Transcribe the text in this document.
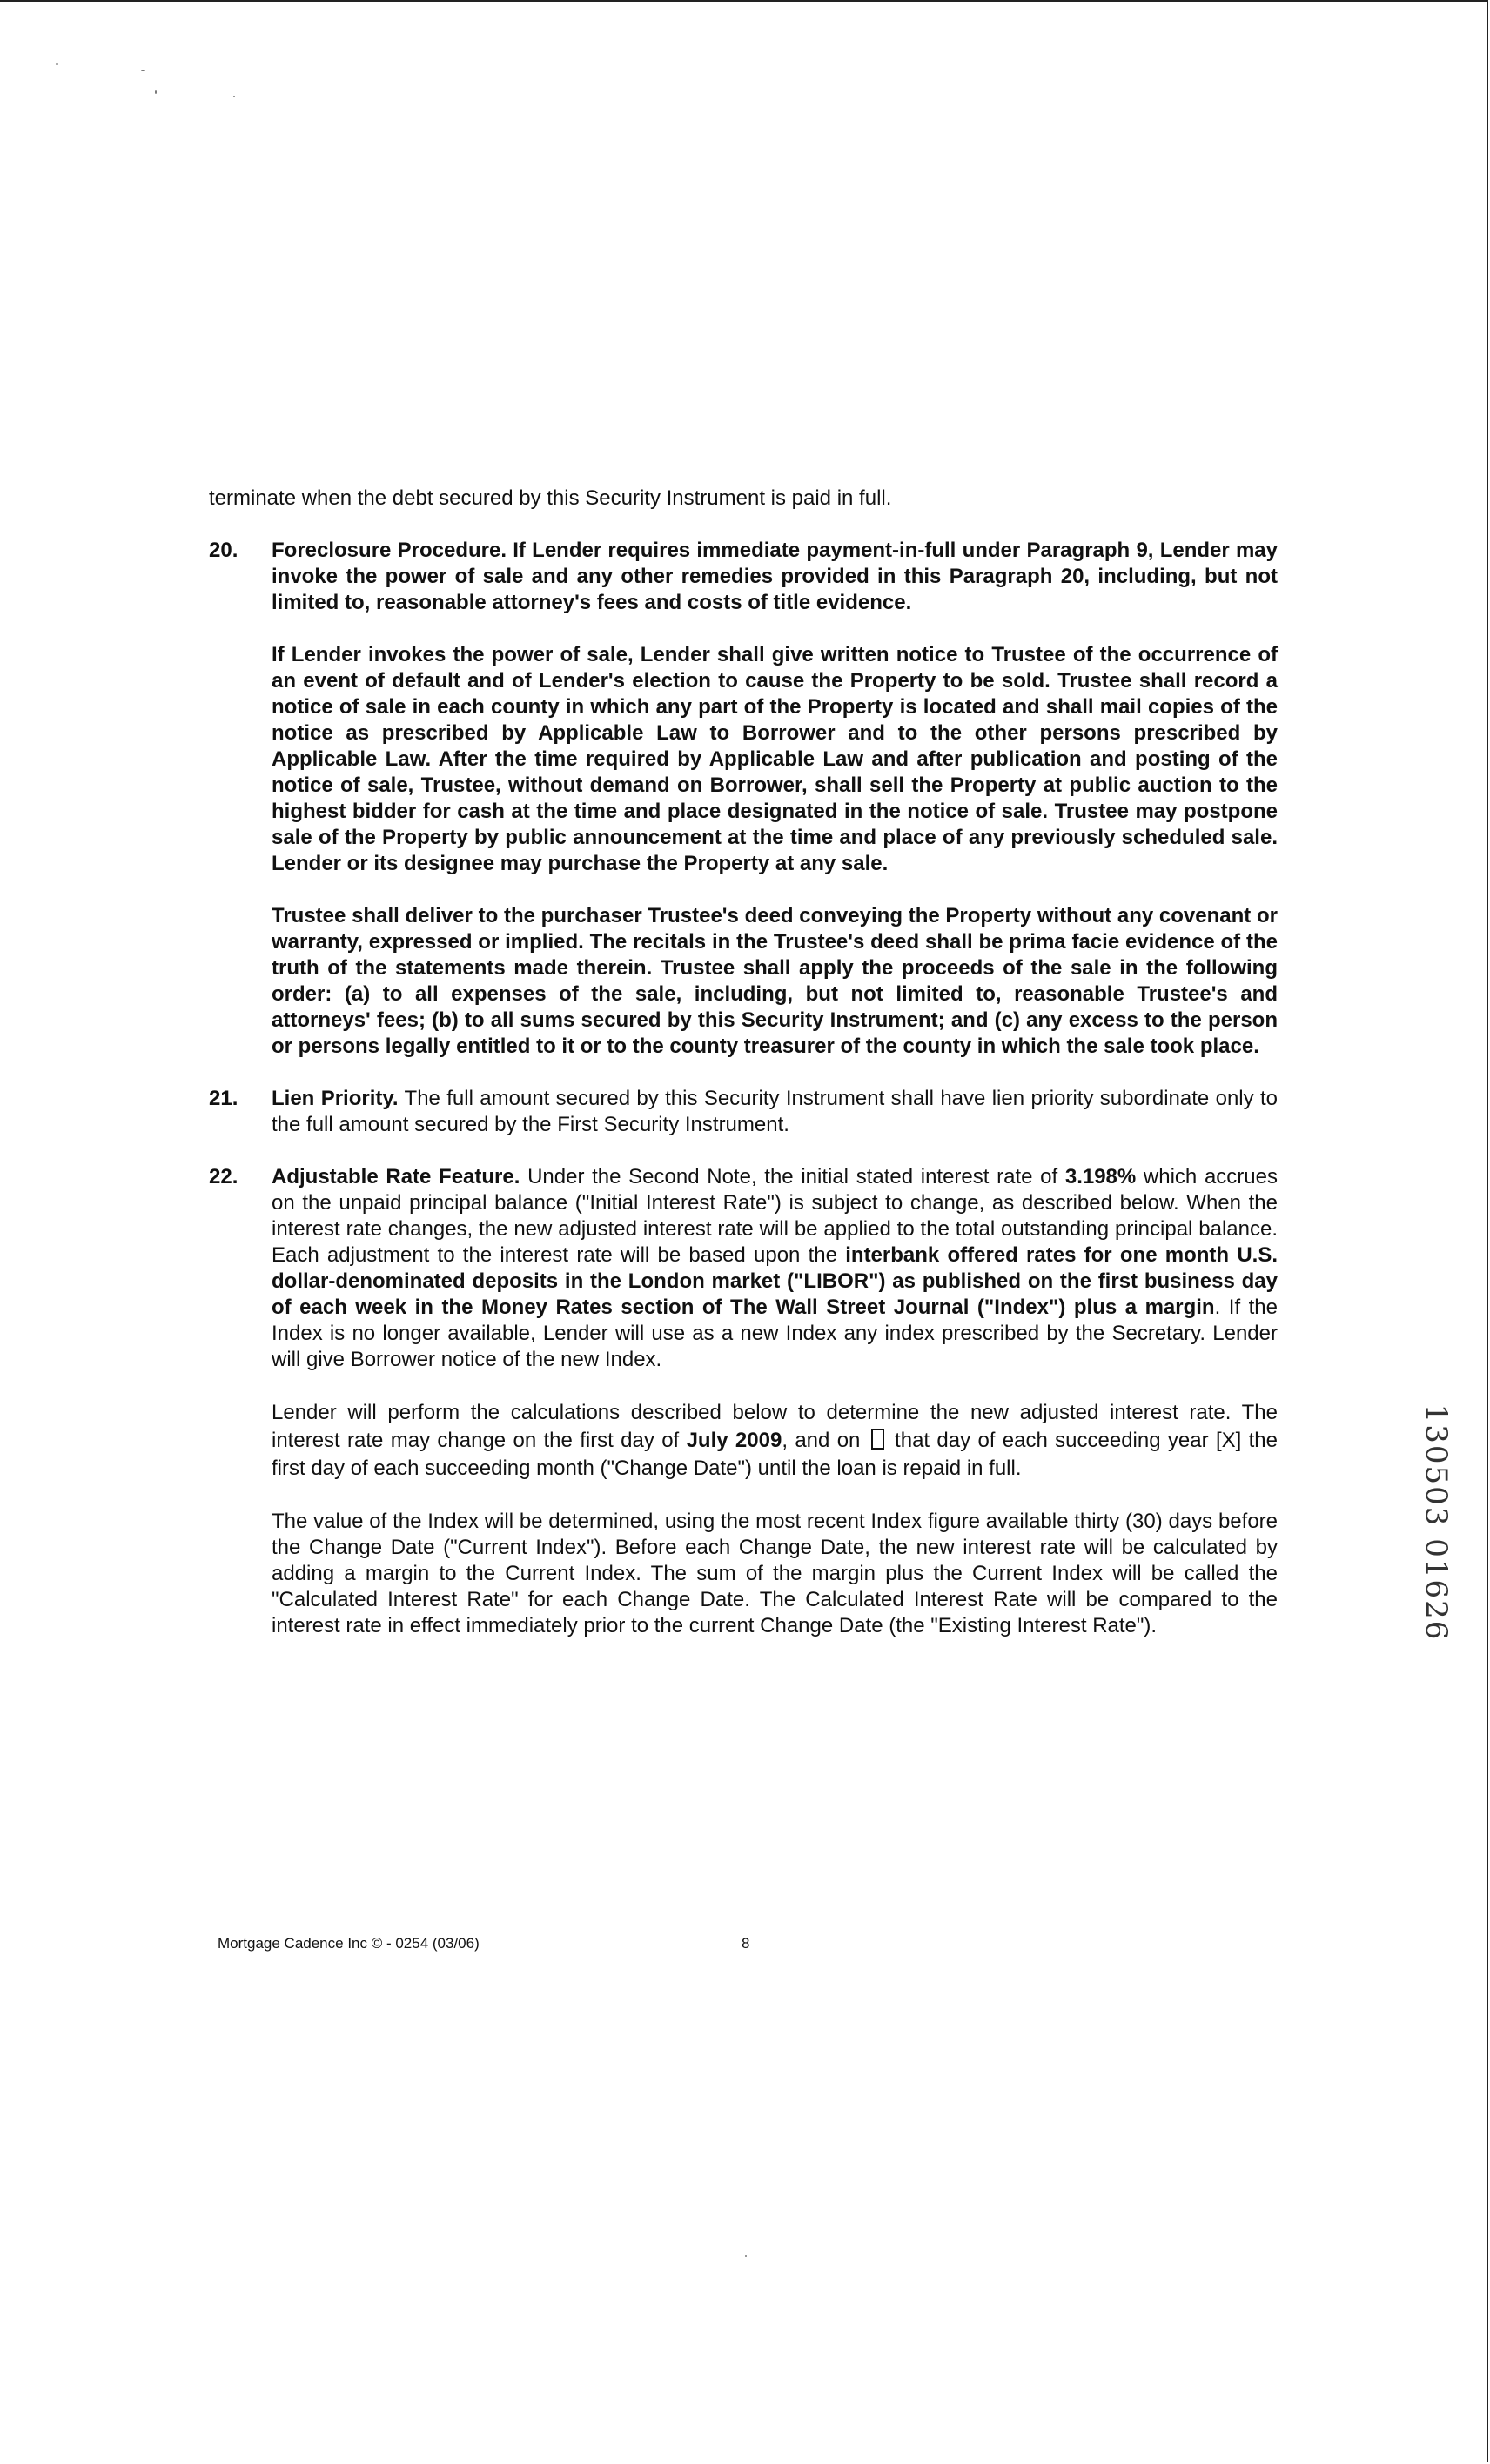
terminate when the debt secured by this Security Instrument is paid in full.

20. Foreclosure Procedure. If Lender requires immediate payment-in-full under Paragraph 9, Lender may invoke the power of sale and any other remedies provided in this Paragraph 20, including, but not limited to, reasonable attorney's fees and costs of title evidence.

If Lender invokes the power of sale, Lender shall give written notice to Trustee of the occurrence of an event of default and of Lender's election to cause the Property to be sold. Trustee shall record a notice of sale in each county in which any part of the Property is located and shall mail copies of the notice as prescribed by Applicable Law to Borrower and to the other persons prescribed by Applicable Law. After the time required by Applicable Law and after publication and posting of the notice of sale, Trustee, without demand on Borrower, shall sell the Property at public auction to the highest bidder for cash at the time and place designated in the notice of sale. Trustee may postpone sale of the Property by public announcement at the time and place of any previously scheduled sale. Lender or its designee may purchase the Property at any sale.

Trustee shall deliver to the purchaser Trustee's deed conveying the Property without any covenant or warranty, expressed or implied. The recitals in the Trustee's deed shall be prima facie evidence of the truth of the statements made therein. Trustee shall apply the proceeds of the sale in the following order: (a) to all expenses of the sale, including, but not limited to, reasonable Trustee's and attorneys' fees; (b) to all sums secured by this Security Instrument; and (c) any excess to the person or persons legally entitled to it or to the county treasurer of the county in which the sale took place.

21. Lien Priority. The full amount secured by this Security Instrument shall have lien priority subordinate only to the full amount secured by the First Security Instrument.

22. Adjustable Rate Feature. Under the Second Note, the initial stated interest rate of 3.198% which accrues on the unpaid principal balance ("Initial Interest Rate") is subject to change, as described below. When the interest rate changes, the new adjusted interest rate will be applied to the total outstanding principal balance. Each adjustment to the interest rate will be based upon the interbank offered rates for one month U.S. dollar-denominated deposits in the London market ("LIBOR") as published on the first business day of each week in the Money Rates section of The Wall Street Journal ("Index") plus a margin. If the Index is no longer available, Lender will use as a new Index any index prescribed by the Secretary. Lender will give Borrower notice of the new Index.

Lender will perform the calculations described below to determine the new adjusted interest rate. The interest rate may change on the first day of July 2009, and on  that day of each succeeding year [X] the first day of each succeeding month ("Change Date") until the loan is repaid in full.

The value of the Index will be determined, using the most recent Index figure available thirty (30) days before the Change Date ("Current Index"). Before each Change Date, the new interest rate will be calculated by adding a margin to the Current Index. The sum of the margin plus the Current Index will be called the "Calculated Interest Rate" for each Change Date. The Calculated Interest Rate will be compared to the interest rate in effect immediately prior to the current Change Date (the "Existing Interest Rate").

Mortgage Cadence Inc © - 0254 (03/06)	8
130503 01626
